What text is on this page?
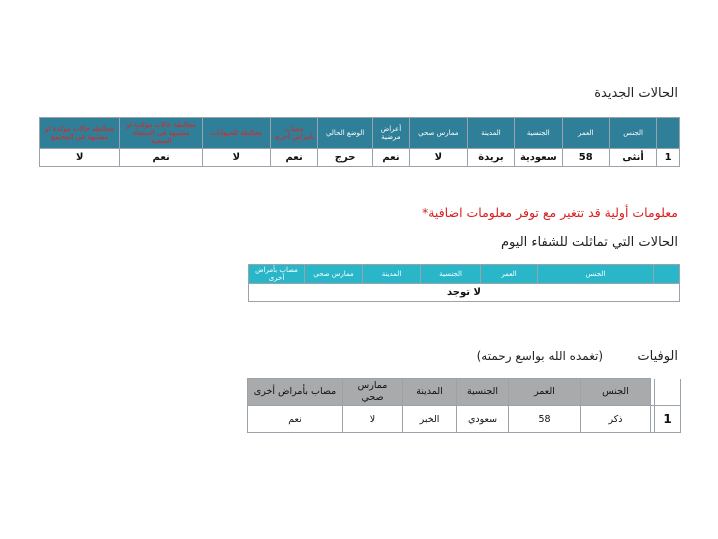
الحالات الجديدة
	الجنس	العمر	الجنسية	المدينة	ممارس صحي	أعراض مرضية	الوضع الحالي	مصاب بأمراض أخرى	مخالطة للحيوانات	مخالطة حالات مؤكدة او مشتبهة في المنشأة الصحية	مخالطة حالات مؤكدة او مشتبهة في المجتمع
1	أنثى	58	سعودية	بريدة	لا	نعم	حرج	نعم	لا	نعم	لا
معلومات أولية قد تتغير مع توفر معلومات اضافية*
الحالات التي تماثلت للشفاء اليوم
	الجنس	العمر	الجنسية	المدينة	ممارس صحي	مصاب بأمراض أخرى
لا توجد
الوفيات
(تغمده الله بواسع رحمته)
		الجنس	العمر	الجنسية	المدينة	ممارس صحي	مصاب بأمراض أخرى
1		ذكر	58	سعودي	الخبر	لا	نعم
